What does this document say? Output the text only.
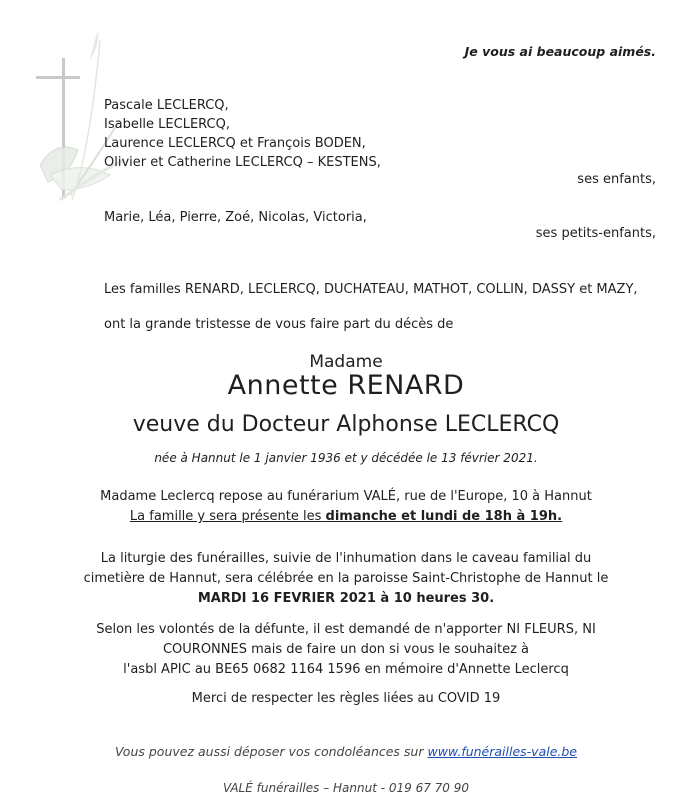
Je vous ai beaucoup aimés.
Pascale LECLERCQ,
Isabelle LECLERCQ,
Laurence LECLERCQ et François BODEN,
Olivier et Catherine LECLERCQ – KESTENS,
ses enfants,
Marie, Léa, Pierre, Zoé, Nicolas, Victoria,
ses petits-enfants,
Les familles RENARD, LECLERCQ, DUCHATEAU, MATHOT, COLLIN, DASSY et MAZY,
ont la grande tristesse de vous faire part du décès de
Madame
Annette RENARD
veuve du Docteur Alphonse LECLERCQ
née à Hannut le 1 janvier 1936 et y décédée le 13 février 2021.
Madame Leclercq repose au funérarium VALÉ, rue de l'Europe, 10 à Hannut
La famille y sera présente les dimanche et lundi de 18h à 19h.
La liturgie des funérailles, suivie de l'inhumation dans le caveau familial du
cimetière de Hannut, sera célébrée en la paroisse Saint-Christophe de Hannut le
MARDI 16 FEVRIER 2021 à 10 heures 30.
Selon les volontés de la défunte, il est demandé de n'apporter NI FLEURS, NI
COURONNES mais de faire un don si vous le souhaitez à
l'asbl APIC au BE65 0682 1164 1596 en mémoire d'Annette Leclercq
Merci de respecter les règles liées au COVID 19
Vous pouvez aussi déposer vos condoléances sur www.funérailles-vale.be
VALÉ funérailles – Hannut - 019 67 70 90
